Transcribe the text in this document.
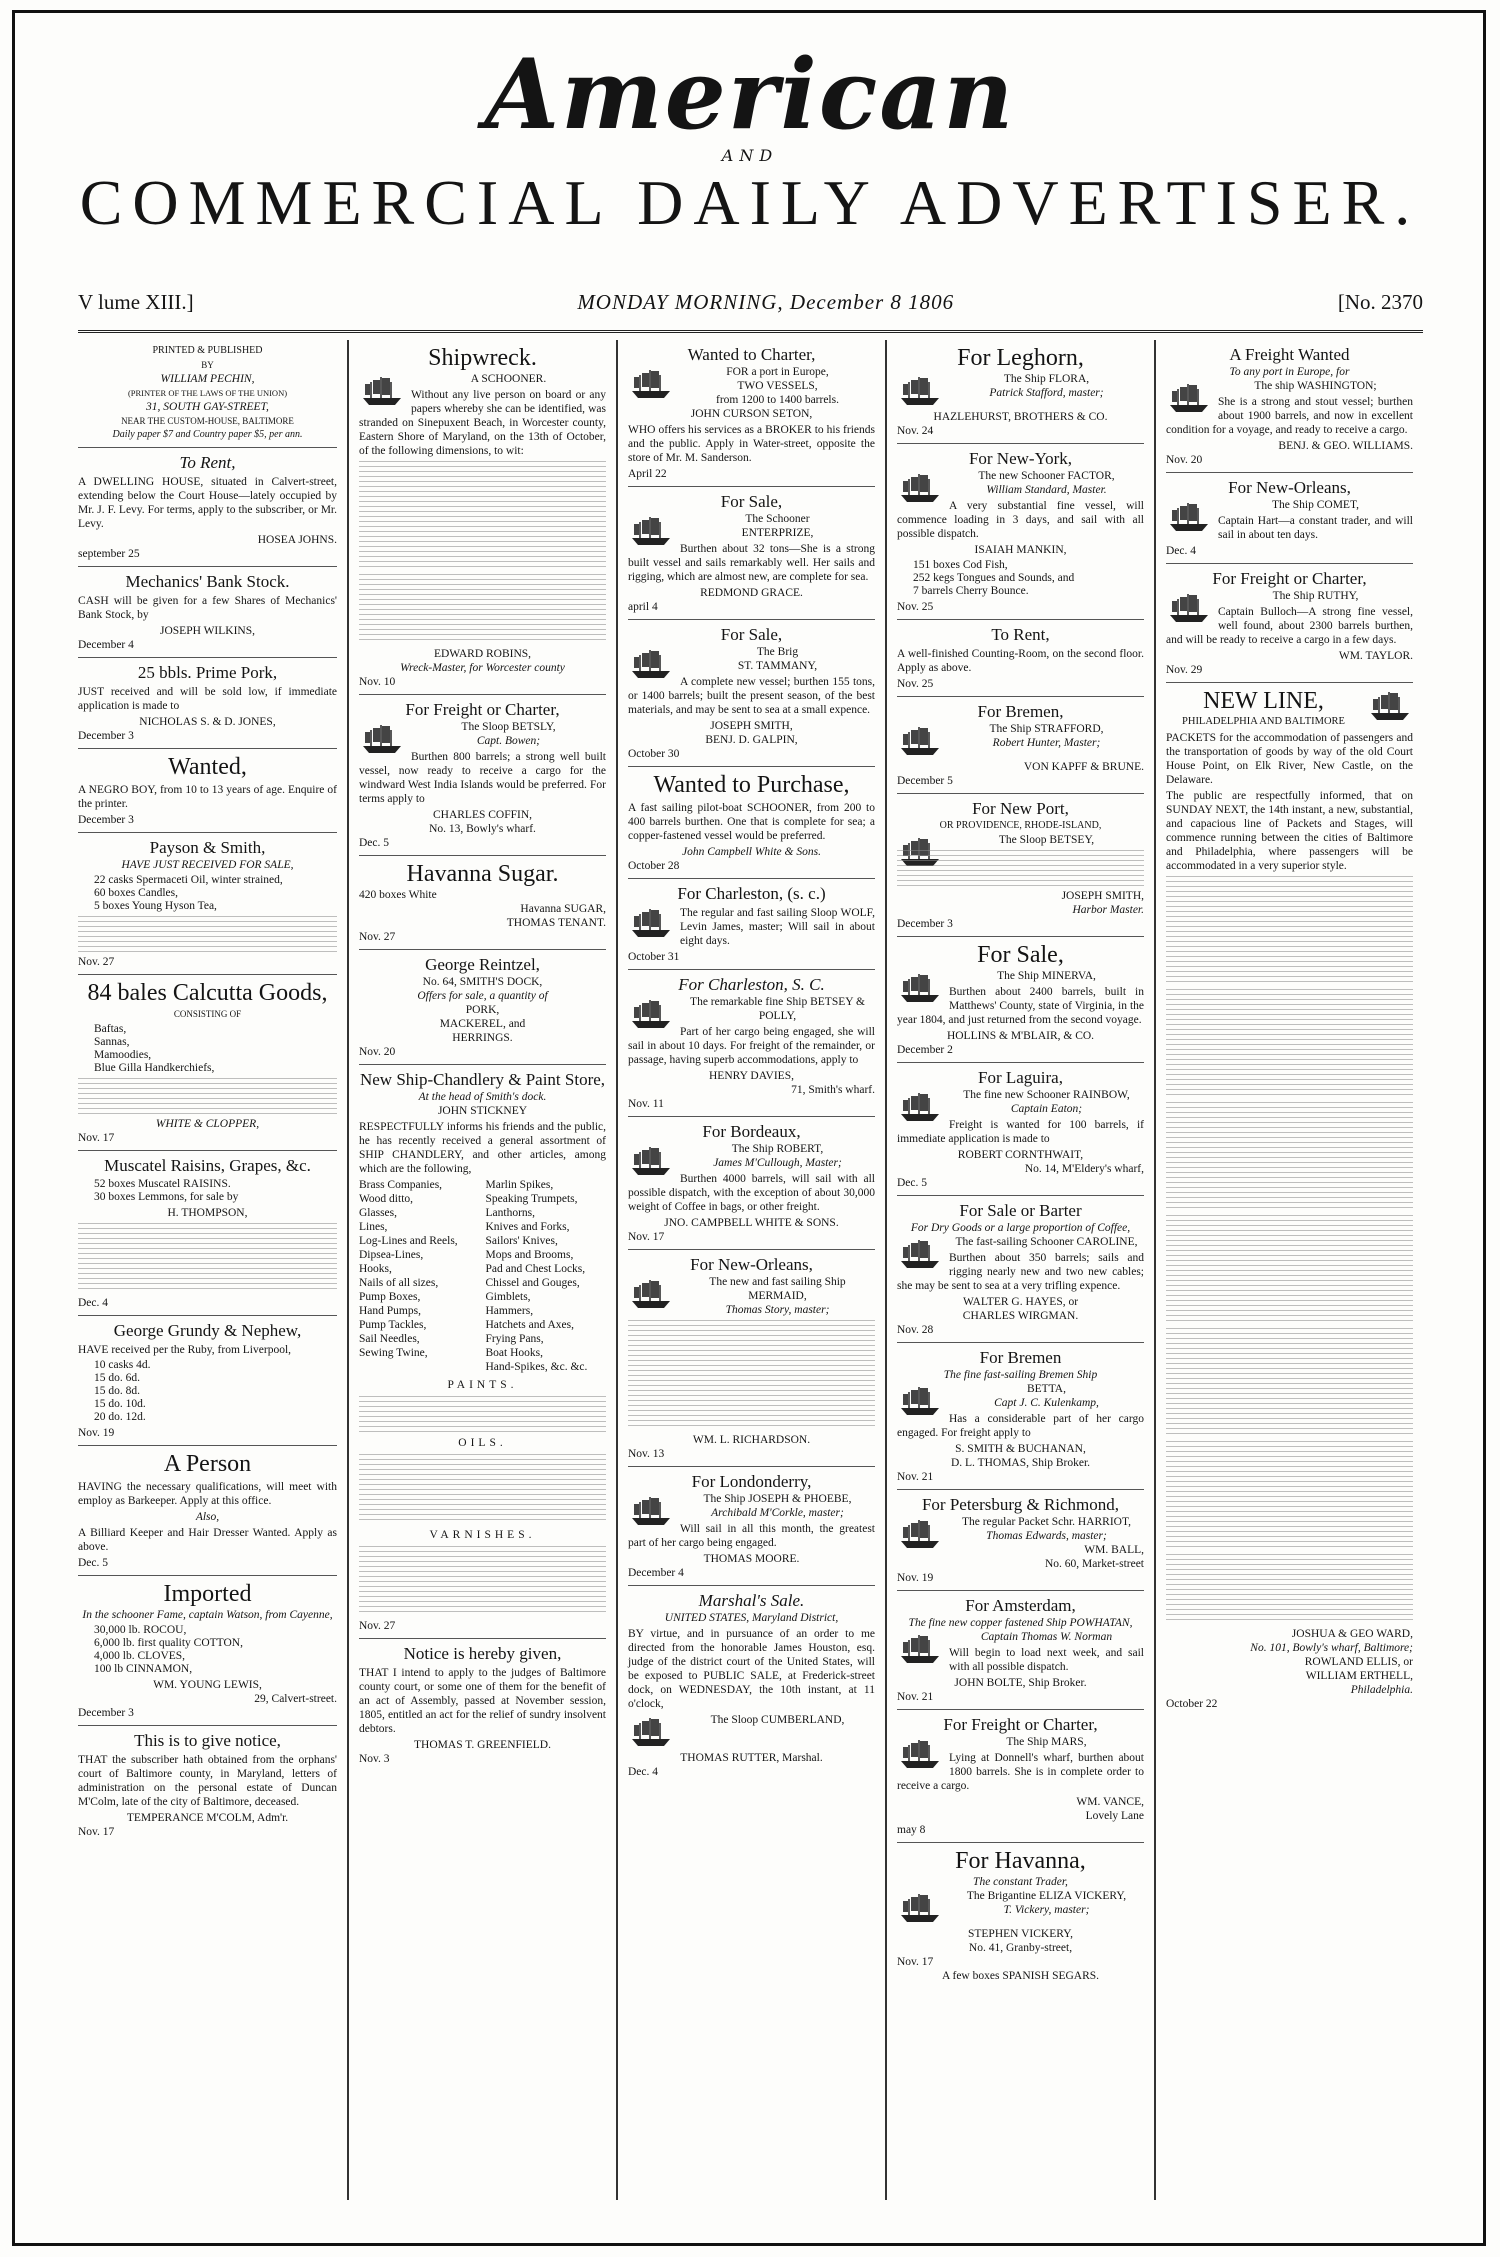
American
AND
COMMERCIAL DAILY ADVERTISER.
V lume XIII.]	MONDAY MORNING, December 8 1806	[No. 2370
PRINTED & PUBLISHED
BY
WILLIAM PECHIN,
(PRINTER OF THE LAWS OF THE UNION)
31, SOUTH GAY-STREET,
NEAR THE CUSTOM-HOUSE, BALTIMORE
Daily paper $7 and Country paper $5, per ann.
To Rent,

A DWELLING HOUSE, situated in Calvert-street, extending below the Court House—lately occupied by Mr. J. F. Levy. For terms, apply to the subscriber, or Mr. Levy.

HOSEA JOHNS.
september 25
Mechanics' Bank Stock.

CASH will be given for a few Shares of Mechanics' Bank Stock, by

JOSEPH WILKINS,
December 4
25 bbls. Prime Pork,

JUST received and will be sold low, if immediate application is made to

NICHOLAS S. & D. JONES,
December 3
Wanted,

A NEGRO BOY, from 10 to 13 years of age. Enquire of the printer.

December 3
Payson & Smith,
HAVE JUST RECEIVED FOR SALE,
22 casks Spermaceti Oil, winter strained,
60 boxes Candles,
5 boxes Young Hyson Tea,
Nov. 27
84 bales Calcutta Goods,
CONSISTING OF
Baftas,
Sannas,
Mamoodies,
Blue Gilla Handkerchiefs,
WHITE & CLOPPER,
Nov. 17
Muscatel Raisins, Grapes, &c.
52 boxes Muscatel RAISINS.
30 boxes Lemmons, for sale by
H. THOMPSON,
Dec. 4
George Grundy & Nephew,

HAVE received per the Ruby, from Liverpool,

10 casks 4d.
15 do. 6d.
15 do. 8d.
15 do. 10d.
20 do. 12d.
Nov. 19
A Person

HAVING the necessary qualifications, will meet with employ as Barkeeper. Apply at this office.

Also,

A Billiard Keeper and Hair Dresser Wanted. Apply as above.

Dec. 5
Imported
In the schooner Fame, captain Watson, from Cayenne,
30,000 lb. ROCOU,
6,000 lb. first quality COTTON,
4,000 lb. CLOVES,
100 lb CINNAMON,
WM. YOUNG LEWIS,
29, Calvert-street.
December 3
This is to give notice,

THAT the subscriber hath obtained from the orphans' court of Baltimore county, in Maryland, letters of administration on the personal estate of Duncan M'Colm, late of the city of Baltimore, deceased.

TEMPERANCE M'COLM, Adm'r.
Nov. 17
Shipwreck.
A SCHOONER.

Without any live person on board or any papers whereby she can be identified, was stranded on Sinepuxent Beach, in Worcester county, Eastern Shore of Maryland, on the 13th of October, of the following dimensions, to wit:

EDWARD ROBINS,
Wreck-Master, for Worcester county
Nov. 10
For Freight or Charter,
The Sloop BETSLY,
Capt. Bowen;

Burthen 800 barrels; a strong well built vessel, now ready to receive a cargo for the windward West India Islands would be preferred. For terms apply to

CHARLES COFFIN,
No. 13, Bowly's wharf.
Dec. 5
Havanna Sugar.
420 boxes White
Havanna SUGAR,
THOMAS TENANT.
Nov. 27
George Reintzel,
No. 64, SMITH'S DOCK,
Offers for sale, a quantity of
PORK,
MACKEREL, and
HERRINGS.
Nov. 20
New Ship-Chandlery & Paint Store,
At the head of Smith's dock.
JOHN STICKNEY

RESPECTFULLY informs his friends and the public, he has recently received a general assortment of SHIP CHANDLERY, and other articles, among which are the following,

Brass Companies,
Wood ditto,
Glasses,
Lines,
Log-Lines and Reels,
Dipsea-Lines,
Hooks,
Nails of all sizes,
Pump Boxes,
Hand Pumps,
Pump Tackles,
Sail Needles,
Sewing Twine,
Marlin Spikes,
Speaking Trumpets,
Lanthorns,
Knives and Forks,
Sailors' Knives,
Mops and Brooms,
Pad and Chest Locks,
Chissel and Gouges,
Gimblets,
Hammers,
Hatchets and Axes,
Frying Pans,
Boat Hooks,
Hand-Spikes, &c. &c.
PAINTS.
OILS.
VARNISHES.
Nov. 27
Notice is hereby given,

THAT I intend to apply to the judges of Baltimore county court, or some one of them for the benefit of an act of Assembly, passed at November session, 1805, entitled an act for the relief of sundry insolvent debtors.

THOMAS T. GREENFIELD.
Nov. 3
Wanted to Charter,
FOR a port in Europe,
TWO VESSELS,
from 1200 to 1400 barrels.
JOHN CURSON SETON,

WHO offers his services as a BROKER to his friends and the public. Apply in Water-street, opposite the store of Mr. M. Sanderson.

April 22
For Sale,
The Schooner
ENTERPRIZE,

Burthen about 32 tons—She is a strong built vessel and sails remarkably well. Her sails and rigging, which are almost new, are complete for sea.

REDMOND GRACE.
april 4
For Sale,
The Brig
ST. TAMMANY,

A complete new vessel; burthen 155 tons, or 1400 barrels; built the present season, of the best materials, and may be sent to sea at a small expence.

JOSEPH SMITH,
BENJ. D. GALPIN,
October 30
Wanted to Purchase,

A fast sailing pilot-boat SCHOONER, from 200 to 400 barrels burthen. One that is complete for sea; a copper-fastened vessel would be preferred.

John Campbell White & Sons.
October 28
For Charleston, (s. c.)

The regular and fast sailing Sloop WOLF, Levin James, master; Will sail in about eight days.

October 31
For Charleston, S. C.
The remarkable fine Ship BETSEY & POLLY,

Part of her cargo being engaged, she will sail in about 10 days. For freight of the remainder, or passage, having superb accommodations, apply to

HENRY DAVIES,
71, Smith's wharf.
Nov. 11
For Bordeaux,
The Ship ROBERT,
James M'Cullough, Master;

Burthen 4000 barrels, will sail with all possible dispatch, with the exception of about 30,000 weight of Coffee in bags, or other freight.

JNO. CAMPBELL WHITE & SONS.
Nov. 17
For New-Orleans,
The new and fast sailing Ship MERMAID,
Thomas Story, master;
WM. L. RICHARDSON.
Nov. 13
For Londonderry,
The Ship JOSEPH & PHOEBE,
Archibald M'Corkle, master;

Will sail in all this month, the greatest part of her cargo being engaged.

THOMAS MOORE.
December 4
Marshal's Sale.
UNITED STATES, Maryland District,

BY virtue, and in pursuance of an order to me directed from the honorable James Houston, esq. judge of the district court of the United States, will be exposed to PUBLIC SALE, at Frederick-street dock, on WEDNESDAY, the 10th instant, at 11 o'clock,

The Sloop CUMBERLAND,
THOMAS RUTTER, Marshal.
Dec. 4
For Leghorn,
The Ship FLORA,
Patrick Stafford, master;
HAZLEHURST, BROTHERS & CO.
Nov. 24
For New-York,
The new Schooner FACTOR,
William Standard, Master.

A very substantial fine vessel, will commence loading in 3 days, and sail with all possible dispatch.

ISAIAH MANKIN,
151 boxes Cod Fish,
252 kegs Tongues and Sounds, and
7 barrels Cherry Bounce.
Nov. 25
To Rent,

A well-finished Counting-Room, on the second floor. Apply as above.

Nov. 25
For Bremen,
The Ship STRAFFORD,
Robert Hunter, Master;
VON KAPFF & BRUNE.
December 5
For New Port,
OR PROVIDENCE, RHODE-ISLAND,
The Sloop BETSEY,
JOSEPH SMITH,
Harbor Master.
December 3
For Sale,
The Ship MINERVA,

Burthen about 2400 barrels, built in Matthews' County, state of Virginia, in the year 1804, and just returned from the second voyage.

HOLLINS & M'BLAIR, & CO.
December 2
For Laguira,
The fine new Schooner RAINBOW,
Captain Eaton;

Freight is wanted for 100 barrels, if immediate application is made to

ROBERT CORNTHWAIT,
No. 14, M'Eldery's wharf,
Dec. 5
For Sale or Barter
For Dry Goods or a large proportion of Coffee,
The fast-sailing Schooner CAROLINE,

Burthen about 350 barrels; sails and rigging nearly new and two new cables; she may be sent to sea at a very trifling expence.

WALTER G. HAYES, or
CHARLES WIRGMAN.
Nov. 28
For Bremen
The fine fast-sailing Bremen Ship
BETTA,
Capt J. C. Kulenkamp,

Has a considerable part of her cargo engaged. For freight apply to

S. SMITH & BUCHANAN,
D. L. THOMAS, Ship Broker.
Nov. 21
For Petersburg & Richmond,
The regular Packet Schr. HARRIOT,
Thomas Edwards, master;
WM. BALL,
No. 60, Market-street
Nov. 19
For Amsterdam,
The fine new copper fastened Ship POWHATAN,
Captain Thomas W. Norman

Will begin to load next week, and sail with all possible dispatch.

JOHN BOLTE, Ship Broker.
Nov. 21
For Freight or Charter,
The Ship MARS,

Lying at Donnell's wharf, burthen about 1800 barrels. She is in complete order to receive a cargo.

WM. VANCE,
Lovely Lane
may 8
For Havanna,
The constant Trader,
The Brigantine ELIZA VICKERY,
T. Vickery, master;
STEPHEN VICKERY,
No. 41, Granby-street,
Nov. 17
A few boxes SPANISH SEGARS.
A Freight Wanted
To any port in Europe, for
The ship WASHINGTON;

She is a strong and stout vessel; burthen about 1900 barrels, and now in excellent condition for a voyage, and ready to receive a cargo.

BENJ. & GEO. WILLIAMS.
Nov. 20
For New-Orleans,
The Ship COMET,

Captain Hart—a constant trader, and will sail in about ten days.

Dec. 4
For Freight or Charter,
The Ship RUTHY,

Captain Bulloch—A strong fine vessel, well found, about 2300 barrels burthen, and will be ready to receive a cargo in a few days.

WM. TAYLOR.
Nov. 29
NEW LINE,
PHILADELPHIA AND BALTIMORE

PACKETS for the accommodation of passengers and the transportation of goods by way of the old Court House Point, on Elk River, New Castle, on the Delaware.

The public are respectfully informed, that on SUNDAY NEXT, the 14th instant, a new, substantial, and capacious line of Packets and Stages, will commence running between the cities of Baltimore and Philadelphia, where passengers will be accommodated in a very superior style.

JOSHUA & GEO WARD,
No. 101, Bowly's wharf, Baltimore;
ROWLAND ELLIS, or
WILLIAM ERTHELL,
Philadelphia.
October 22
